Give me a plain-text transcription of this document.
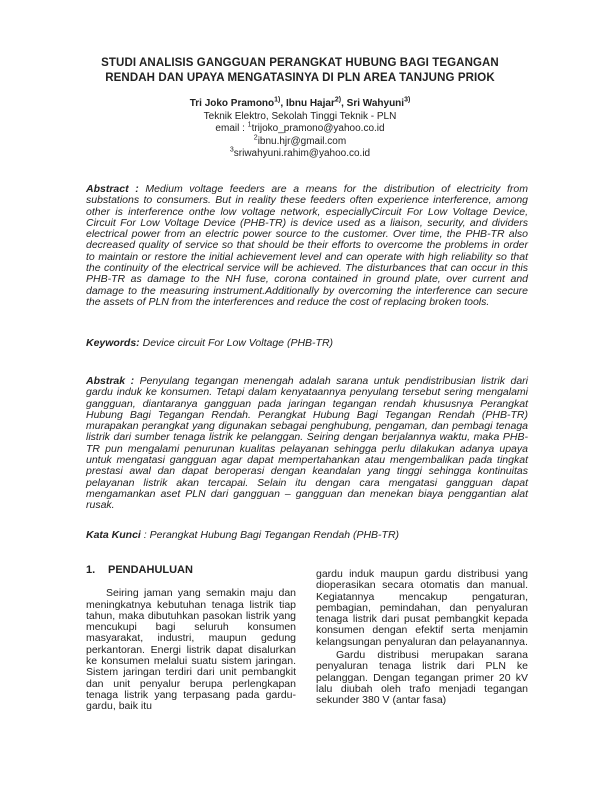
STUDI ANALISIS GANGGUAN PERANGKAT HUBUNG BAGI TEGANGAN
RENDAH DAN UPAYA MENGATASINYA DI PLN AREA TANJUNG PRIOK
Tri Joko Pramono$^{1)}$, Ibnu Hajar$^{2)}$, Sri Wahyuni$^{3)}$
Teknik Elektro, Sekolah Tinggi Teknik - PLN
email : $^1$trijoko_pramono@yahoo.co.id
$^2$ibnu.hjr@gmail.com
$^3$sriwahyuni.rahim@yahoo.co.id
Abstract : Medium voltage feeders are a means for the distribution of electricity from substations to consumers. But in reality these feeders often experience interference, among other is interference onthe low voltage network, especiallyCircuit For Low Voltage Device, Circuit For Low Voltage Device (PHB-TR) is device used as a liaison, security, and dividers electrical power from an electric power source to the customer. Over time, the PHB-TR also decreased quality of service so that should be their efforts to overcome the problems in order to maintain or restore the initial achievement level and can operate with high reliability so that the continuity of the electrical service will be achieved. The disturbances that can occur in this PHB-TR as damage to the NH fuse, corona contained in ground plate, over current and damage to the measuring instrument.Additionally by overcoming the interference can secure the assets of PLN from the interferences and reduce the cost of replacing broken tools.
Keywords: Device circuit For Low Voltage (PHB-TR)
Abstrak : Penyulang tegangan menengah adalah sarana untuk pendistribusian listrik dari gardu induk ke konsumen. Tetapi dalam kenyataannya penyulang tersebut sering mengalami gangguan, diantaranya gangguan pada jaringan tegangan rendah khususnya Perangkat Hubung Bagi Tegangan Rendah. Perangkat Hubung Bagi Tegangan Rendah (PHB-TR) murapakan perangkat yang digunakan sebagai penghubung, pengaman, dan pembagi tenaga listrik dari sumber tenaga listrik ke pelanggan. Seiring dengan berjalannya waktu, maka PHB-TR pun mengalami penurunan kualitas pelayanan sehingga perlu dilakukan adanya upaya untuk mengatasi gangguan agar dapat mempertahankan atau mengembalikan pada tingkat prestasi awal dan dapat beroperasi dengan keandalan yang tinggi sehingga kontinuitas pelayanan listrik akan tercapai. Selain itu dengan cara mengatasi gangguan dapat mengamankan aset PLN dari gangguan – gangguan dan menekan biaya penggantian alat rusak.
Kata Kunci : Perangkat Hubung Bagi Tegangan Rendah (PHB-TR)
1. PENDAHULUAN

Seiring jaman yang semakin maju dan meningkatnya kebutuhan tenaga listrik tiap tahun, maka dibutuhkan pasokan listrik yang mencukupi bagi seluruh konsumen masyarakat, industri, maupun gedung perkantoran. Energi listrik dapat disalurkan ke konsumen melalui suatu sistem jaringan. Sistem jaringan terdiri dari unit pembangkit dan unit penyalur berupa perlengkapan tenaga listrik yang terpasang pada gardu-gardu, baik itu

gardu induk maupun gardu distribusi yang dioperasikan secara otomatis dan manual. Kegiatannya mencakup pengaturan, pembagian, pemindahan, dan penyaluran tenaga listrik dari pusat pembangkit kepada konsumen dengan efektif serta menjamin kelangsungan penyaluran dan pelayanannya.

Gardu distribusi merupakan sarana penyaluran tenaga listrik dari PLN ke pelanggan. Dengan tegangan primer 20 kV lalu diubah oleh trafo menjadi tegangan sekunder 380 V (antar fasa)
